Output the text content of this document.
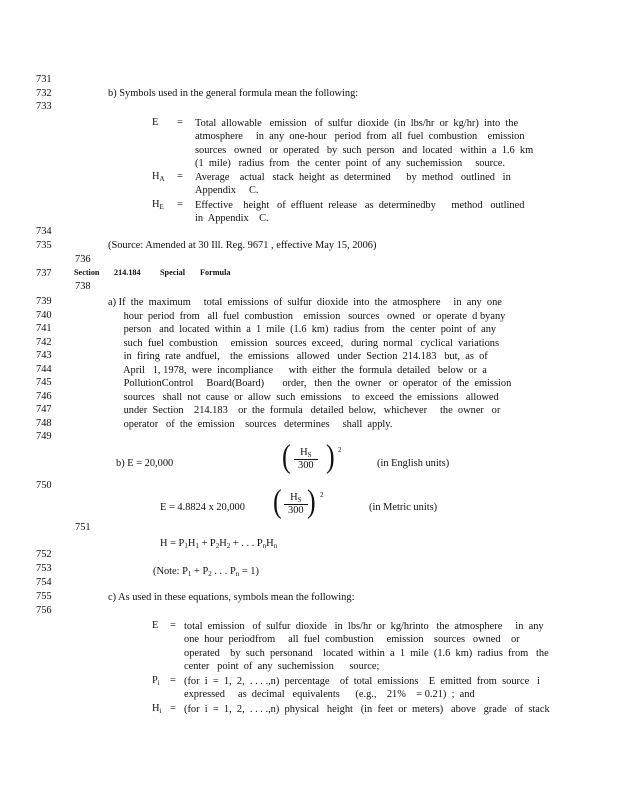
731
732
733
734
735
736
737
738
739
740
741
742
743
744
745
746
747
748
749
750
751
752
753
754
755
756
b) Symbols used in the general formula mean the following:
E = Total  allowable   emission   of  sulfur  dioxide  (in  lbs/hr  or  kg/hr)  into  the
atmosphere     in  any  one-hour   period  from  all  fuel  combustion    emission
sources   owned   or  operated   by  such  person   and  located   within  a  1.6  km
(1  mile)   radius  from   the  center  point  of  any  suchemission     source.
$H_A$ = Average    actual   stack  height  as  determined      by  method   outlined   in
Appendix     C.
$H_E$ = Effective    height   of  effluent  release   as  determinedby      method   outlined
in  Appendix    C.
(Source: Amended at 30 Ill. Reg. 9671 , effective May 15, 2006)
Section 214.184 Special Formula
a) If  the  maximum     total  emissions  of  sulfur  dioxide  into  the  atmosphere     in  any  one
hour  period  from   all  fuel  combustion    emission   sources   owned   or  operate  d byany
person   and  located  within  a  1  mile  (1.6  km)  radius  from   the  center  point  of  any
such  fuel  combustion     emission   sources  exceed,   during  normal   cyclical  variations
in  firing  rate  andfuel,    the  emissions   allowed   under  Section  214.183   but,  as  of
April   1, 1978,  were  incompliance      with  either  the  formula  detailed   below  or  a
PollutionControl     Board(Board)       order,   then  the  owner   or  operator  of  the  emission
sources   shall  not  cause  or  allow  such  emissions    to  exceed  the  emissions   allowed
under  Section    214.183    or  the  formula   detailed  below,   whichever     the  owner   or
operator   of  the  emission    sources   determines     shall  apply.
b) E = 20,000	( $H_S$
300 ) 2
(in English units)
E = 4.8824 x 20,000 ( $H_S$
300 ) 2
(in Metric units)
$H = P_1H_1 + P_2H_2$ + . . . $P_nH_n$
(Note: $P_1 + P_2$ . . . $P_n = 1$)
c) As used in these equations, symbols mean the following:
E = total  emission   of  sulfur  dioxide   in  lbs/hr  or  kg/hrinto   the  atmosphere     in  any
one  hour  periodfrom     all  fuel  combustion     emission    sources   owned    or
operated    by  such  personand    located  within  a  1  mile  (1.6  km)  radius  from   the
center   point  of  any  suchemission      source;
$P_i = (for$  i  =  1,  2,  . . . .,n)  percentage    of  total  emissions    E  emitted  from  source   i
expressed     as  decimal   equivalents      (e.g.,    21%    = 0.21)  ;  and
$H_i = (for$  i  =  1,  2,  . . . .,n)  physical   height   (in  feet  or  meters)   above   grade   of  stack
